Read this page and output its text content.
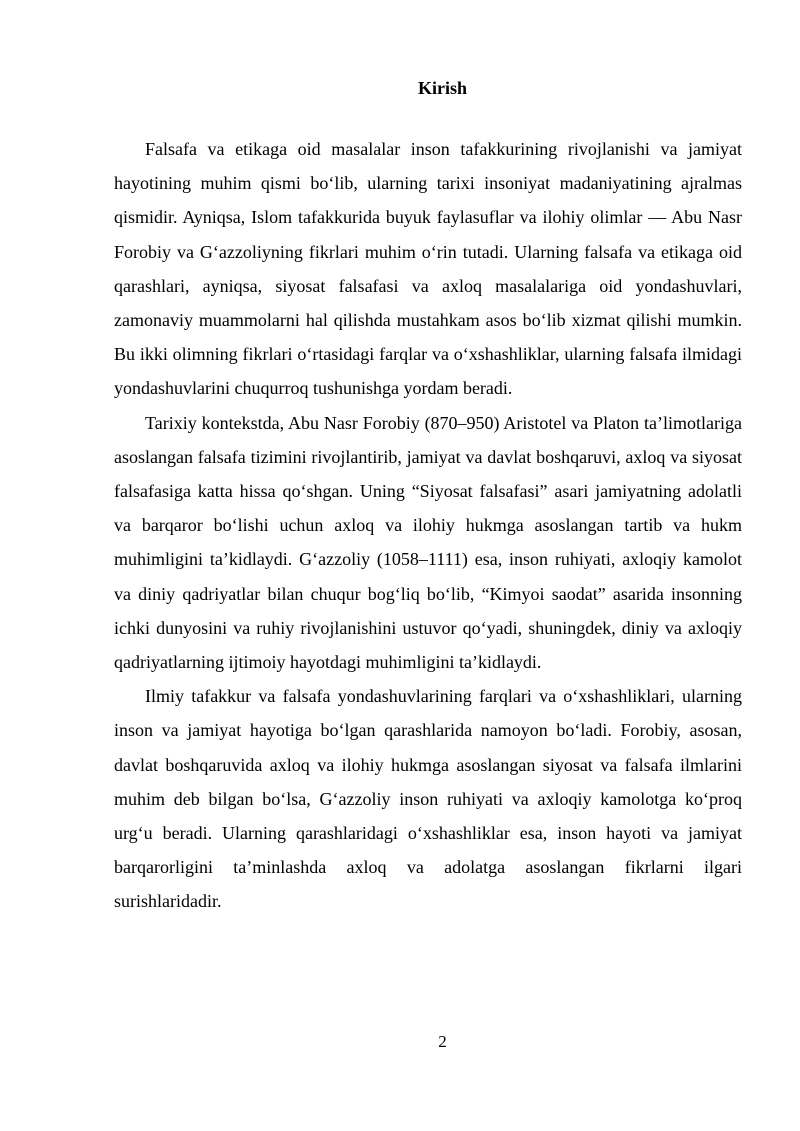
Kirish

Falsafa va etikaga oid masalalar inson tafakkurining rivojlanishi va jamiyat hayotining muhim qismi bo‘lib, ularning tarixi insoniyat madaniyatining ajralmas qismidir. Ayniqsa, Islom tafakkurida buyuk faylasuflar va ilohiy olimlar — Abu Nasr Forobiy va G‘azzoliyning fikrlari muhim o‘rin tutadi. Ularning falsafa va etikaga oid qarashlari, ayniqsa, siyosat falsafasi va axloq masalalariga oid yondashuvlari, zamonaviy muammolarni hal qilishda mustahkam asos bo‘lib xizmat qilishi mumkin. Bu ikki olimning fikrlari o‘rtasidagi farqlar va o‘xshashliklar, ularning falsafa ilmidagi yondashuvlarini chuqurroq tushunishga yordam beradi.

Tarixiy kontekstda, Abu Nasr Forobiy (870–950) Aristotel va Platon ta’limotlariga asoslangan falsafa tizimini rivojlantirib, jamiyat va davlat boshqaruvi, axloq va siyosat falsafasiga katta hissa qo‘shgan. Uning “Siyosat falsafasi” asari jamiyatning adolatli va barqaror bo‘lishi uchun axloq va ilohiy hukmga asoslangan tartib va hukm muhimligini ta’kidlaydi. G‘azzoliy (1058–1111) esa, inson ruhiyati, axloqiy kamolot va diniy qadriyatlar bilan chuqur bog‘liq bo‘lib, “Kimyoi saodat” asarida insonning ichki dunyosini va ruhiy rivojlanishini ustuvor qo‘yadi, shuningdek, diniy va axloqiy qadriyatlarning ijtimoiy hayotdagi muhimligini ta’kidlaydi.

Ilmiy tafakkur va falsafa yondashuvlarining farqlari va o‘xshashliklari, ularning inson va jamiyat hayotiga bo‘lgan qarashlarida namoyon bo‘ladi. Forobiy, asosan, davlat boshqaruvida axloq va ilohiy hukmga asoslangan siyosat va falsafa ilmlarini muhim deb bilgan bo‘lsa, G‘azzoliy inson ruhiyati va axloqiy kamolotga ko‘proq urg‘u beradi. Ularning qarashlaridagi o‘xshashliklar esa, inson hayoti va jamiyat barqarorligini ta’minlashda axloq va adolatga asoslangan fikrlarni ilgari surishlaridadir.

2
